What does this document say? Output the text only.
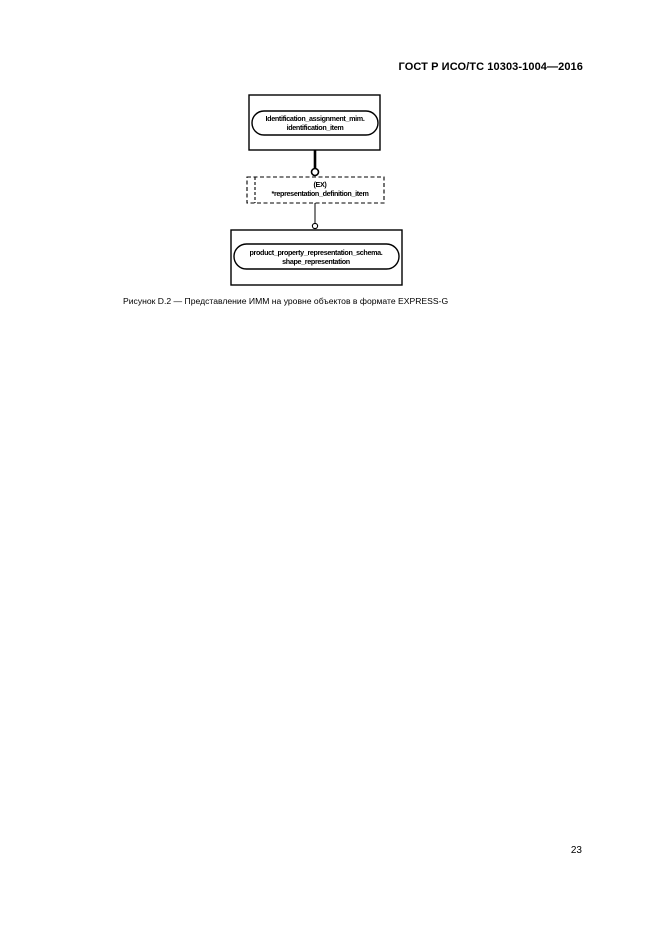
ГОСТ Р ИСО/ТС 10303-1004—2016
Identification_assignment_mim.
identification_item
(EX)
*representation_definition_item
product_property_representation_schema.
shape_representation
Рисунок D.2 — Представление ИММ на уровне объектов в формате EXPRESS-G
23
